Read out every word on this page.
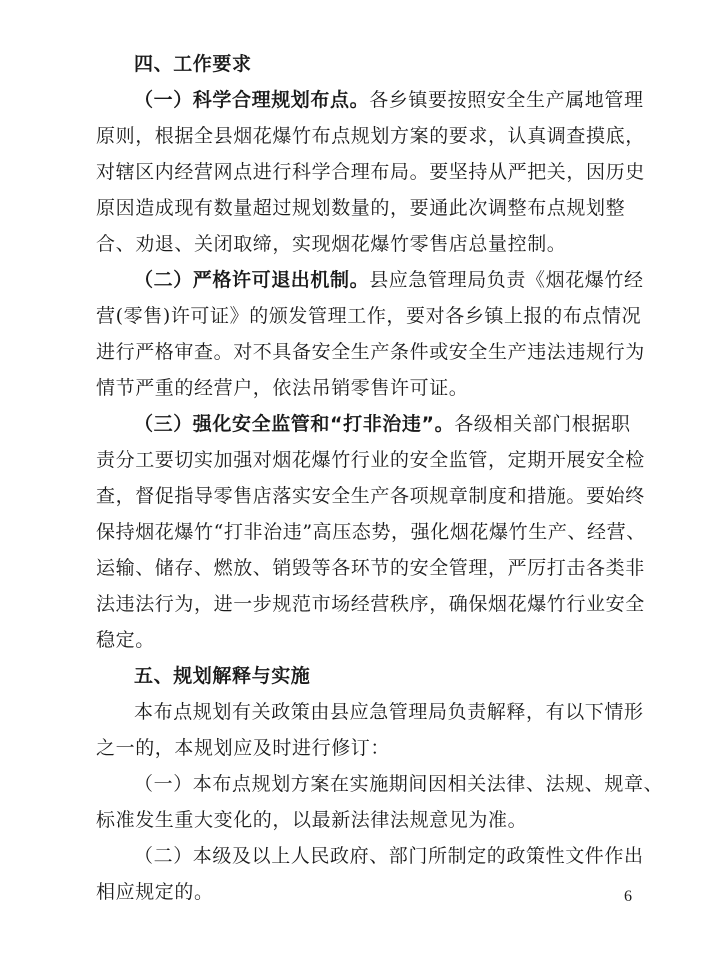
四、工作要求
（一）科学合理规划布点。各乡镇要按照安全生产属地管理
原则，根据全县烟花爆竹布点规划方案的要求，认真调查摸底，
对辖区内经营网点进行科学合理布局。要坚持从严把关，因历史
原因造成现有数量超过规划数量的，要通此次调整布点规划整
合、劝退、关闭取缔，实现烟花爆竹零售店总量控制。
（二）严格许可退出机制。县应急管理局负责《烟花爆竹经
营(零售)许可证》的颁发管理工作，要对各乡镇上报的布点情况
进行严格审查。对不具备安全生产条件或安全生产违法违规行为
情节严重的经营户，依法吊销零售许可证。
（三）强化安全监管和“打非治违”。各级相关部门根据职
责分工要切实加强对烟花爆竹行业的安全监管，定期开展安全检
查，督促指导零售店落实安全生产各项规章制度和措施。要始终
保持烟花爆竹“打非治违”高压态势，强化烟花爆竹生产、经营、
运输、储存、燃放、销毁等各环节的安全管理，严厉打击各类非
法违法行为，进一步规范市场经营秩序，确保烟花爆竹行业安全
稳定。
五、规划解释与实施
本布点规划有关政策由县应急管理局负责解释，有以下情形
之一的，本规划应及时进行修订：
（一）本布点规划方案在实施期间因相关法律、法规、规章、
标准发生重大变化的，以最新法律法规意见为准。
（二）本级及以上人民政府、部门所制定的政策性文件作出
相应规定的。	6
